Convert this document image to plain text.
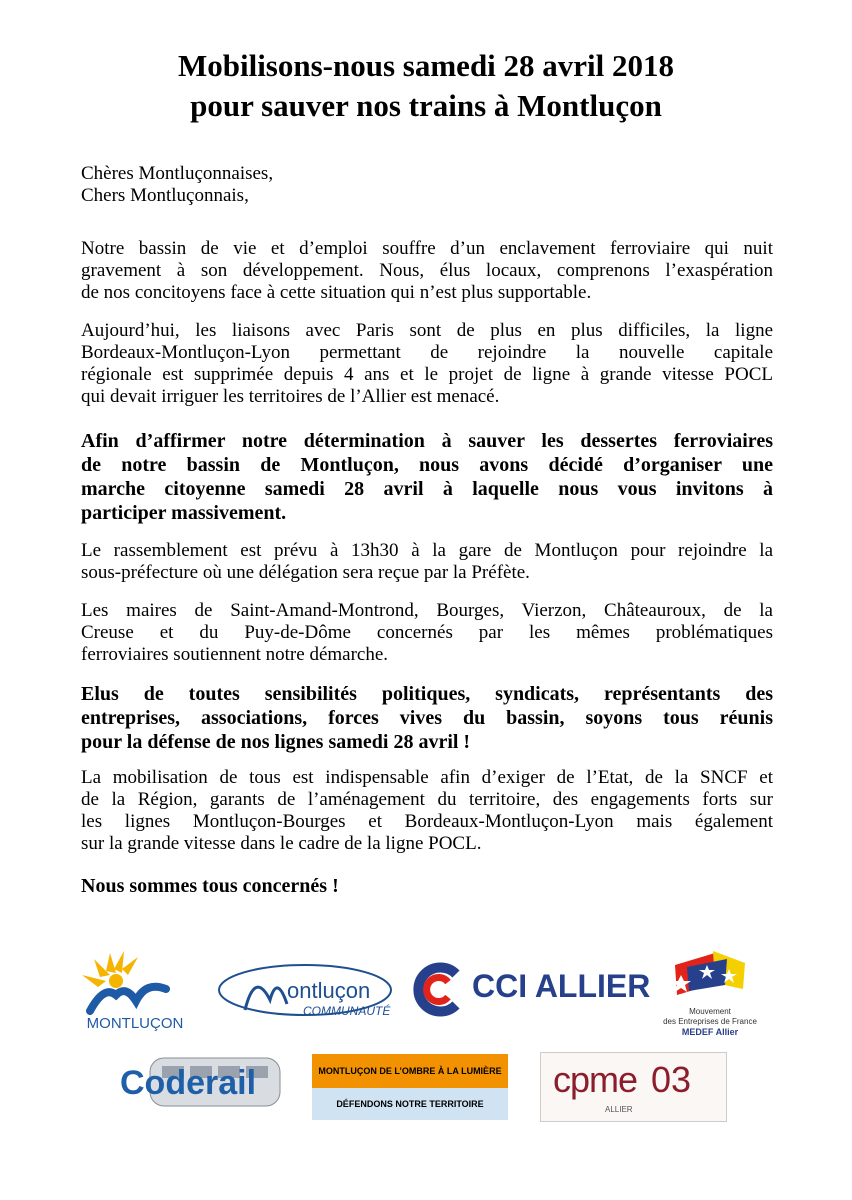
Mobilisons-nous samedi 28 avril 2018
pour sauver nos trains à Montluçon
Chères Montluçonnaises,
Chers Montluçonnais,
Notre bassin de vie et d’emploi souffre d’un enclavement ferroviaire qui nuit
gravement à son développement. Nous, élus locaux, comprenons l’exaspération
de nos concitoyens face à cette situation qui n’est plus supportable.
Aujourd’hui, les liaisons avec Paris sont de plus en plus difficiles, la ligne
Bordeaux-Montluçon-Lyon permettant de rejoindre la nouvelle capitale
régionale est supprimée depuis 4 ans et le projet de ligne à grande vitesse POCL
qui devait irriguer les territoires de l’Allier est menacé.
Afin d’affirmer notre détermination à sauver les dessertes ferroviaires
de notre bassin de Montluçon, nous avons décidé d’organiser une
marche citoyenne samedi 28 avril à laquelle nous vous invitons à
participer massivement.
Le rassemblement est prévu à 13h30 à la gare de Montluçon pour rejoindre la
sous-préfecture où une délégation sera reçue par la Préfète.
Les maires de Saint-Amand-Montrond, Bourges, Vierzon, Châteauroux, de la
Creuse et du Puy-de-Dôme concernés par les mêmes problématiques
ferroviaires soutiennent notre démarche.
Elus de toutes sensibilités politiques, syndicats, représentants des
entreprises, associations, forces vives du bassin, soyons tous réunis
pour la défense de nos lignes samedi 28 avril !
La mobilisation de tous est indispensable afin d’exiger de l’Etat, de la SNCF et
de la Région, garants de l’aménagement du territoire, des engagements forts sur
les lignes Montluçon-Bourges et Bordeaux-Montluçon-Lyon mais également
sur la grande vitesse dans le cadre de la ligne POCL.
Nous sommes tous concernés !
MONTLUÇON
ontluçon
COMMUNAUTÉ
CCI ALLIER
Mouvement
des Entreprises de France
MEDEF Allier
Coderail	MONTLUÇON DE L’OMBRE À LA LUMIÈRE
DÉFENDONS NOTRE TERRITOIRE
cpme 03
ALLIER
